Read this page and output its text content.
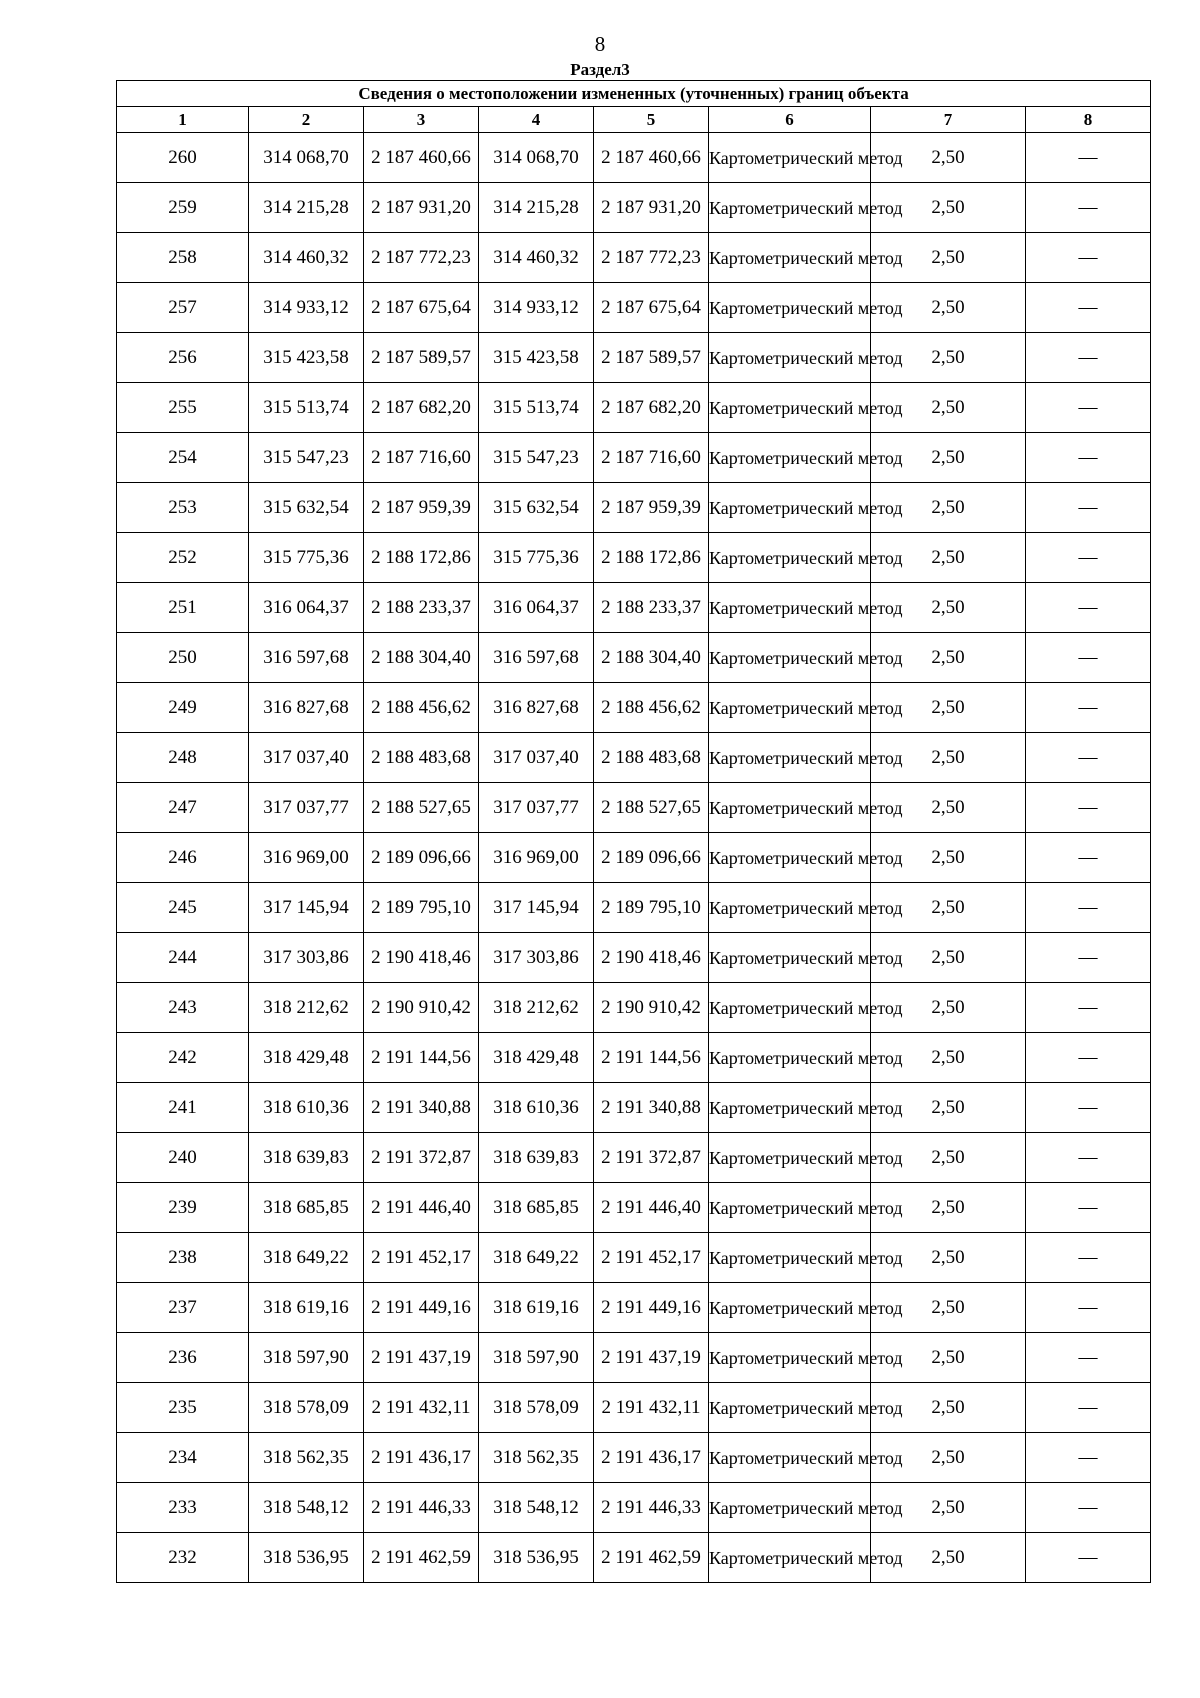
8
Раздел3
Сведения о местоположении измененных (уточненных) границ объекта							
1	2	3	4	5	6	7	8
260	314 068,70	2 187 460,66	314 068,70	2 187 460,66	Картометрический метод	2,50	—
259	314 215,28	2 187 931,20	314 215,28	2 187 931,20	Картометрический метод	2,50	—
258	314 460,32	2 187 772,23	314 460,32	2 187 772,23	Картометрический метод	2,50	—
257	314 933,12	2 187 675,64	314 933,12	2 187 675,64	Картометрический метод	2,50	—
256	315 423,58	2 187 589,57	315 423,58	2 187 589,57	Картометрический метод	2,50	—
255	315 513,74	2 187 682,20	315 513,74	2 187 682,20	Картометрический метод	2,50	—
254	315 547,23	2 187 716,60	315 547,23	2 187 716,60	Картометрический метод	2,50	—
253	315 632,54	2 187 959,39	315 632,54	2 187 959,39	Картометрический метод	2,50	—
252	315 775,36	2 188 172,86	315 775,36	2 188 172,86	Картометрический метод	2,50	—
251	316 064,37	2 188 233,37	316 064,37	2 188 233,37	Картометрический метод	2,50	—
250	316 597,68	2 188 304,40	316 597,68	2 188 304,40	Картометрический метод	2,50	—
249	316 827,68	2 188 456,62	316 827,68	2 188 456,62	Картометрический метод	2,50	—
248	317 037,40	2 188 483,68	317 037,40	2 188 483,68	Картометрический метод	2,50	—
247	317 037,77	2 188 527,65	317 037,77	2 188 527,65	Картометрический метод	2,50	—
246	316 969,00	2 189 096,66	316 969,00	2 189 096,66	Картометрический метод	2,50	—
245	317 145,94	2 189 795,10	317 145,94	2 189 795,10	Картометрический метод	2,50	—
244	317 303,86	2 190 418,46	317 303,86	2 190 418,46	Картометрический метод	2,50	—
243	318 212,62	2 190 910,42	318 212,62	2 190 910,42	Картометрический метод	2,50	—
242	318 429,48	2 191 144,56	318 429,48	2 191 144,56	Картометрический метод	2,50	—
241	318 610,36	2 191 340,88	318 610,36	2 191 340,88	Картометрический метод	2,50	—
240	318 639,83	2 191 372,87	318 639,83	2 191 372,87	Картометрический метод	2,50	—
239	318 685,85	2 191 446,40	318 685,85	2 191 446,40	Картометрический метод	2,50	—
238	318 649,22	2 191 452,17	318 649,22	2 191 452,17	Картометрический метод	2,50	—
237	318 619,16	2 191 449,16	318 619,16	2 191 449,16	Картометрический метод	2,50	—
236	318 597,90	2 191 437,19	318 597,90	2 191 437,19	Картометрический метод	2,50	—
235	318 578,09	2 191 432,11	318 578,09	2 191 432,11	Картометрический метод	2,50	—
234	318 562,35	2 191 436,17	318 562,35	2 191 436,17	Картометрический метод	2,50	—
233	318 548,12	2 191 446,33	318 548,12	2 191 446,33	Картометрический метод	2,50	—
232	318 536,95	2 191 462,59	318 536,95	2 191 462,59	Картометрический метод	2,50	—
